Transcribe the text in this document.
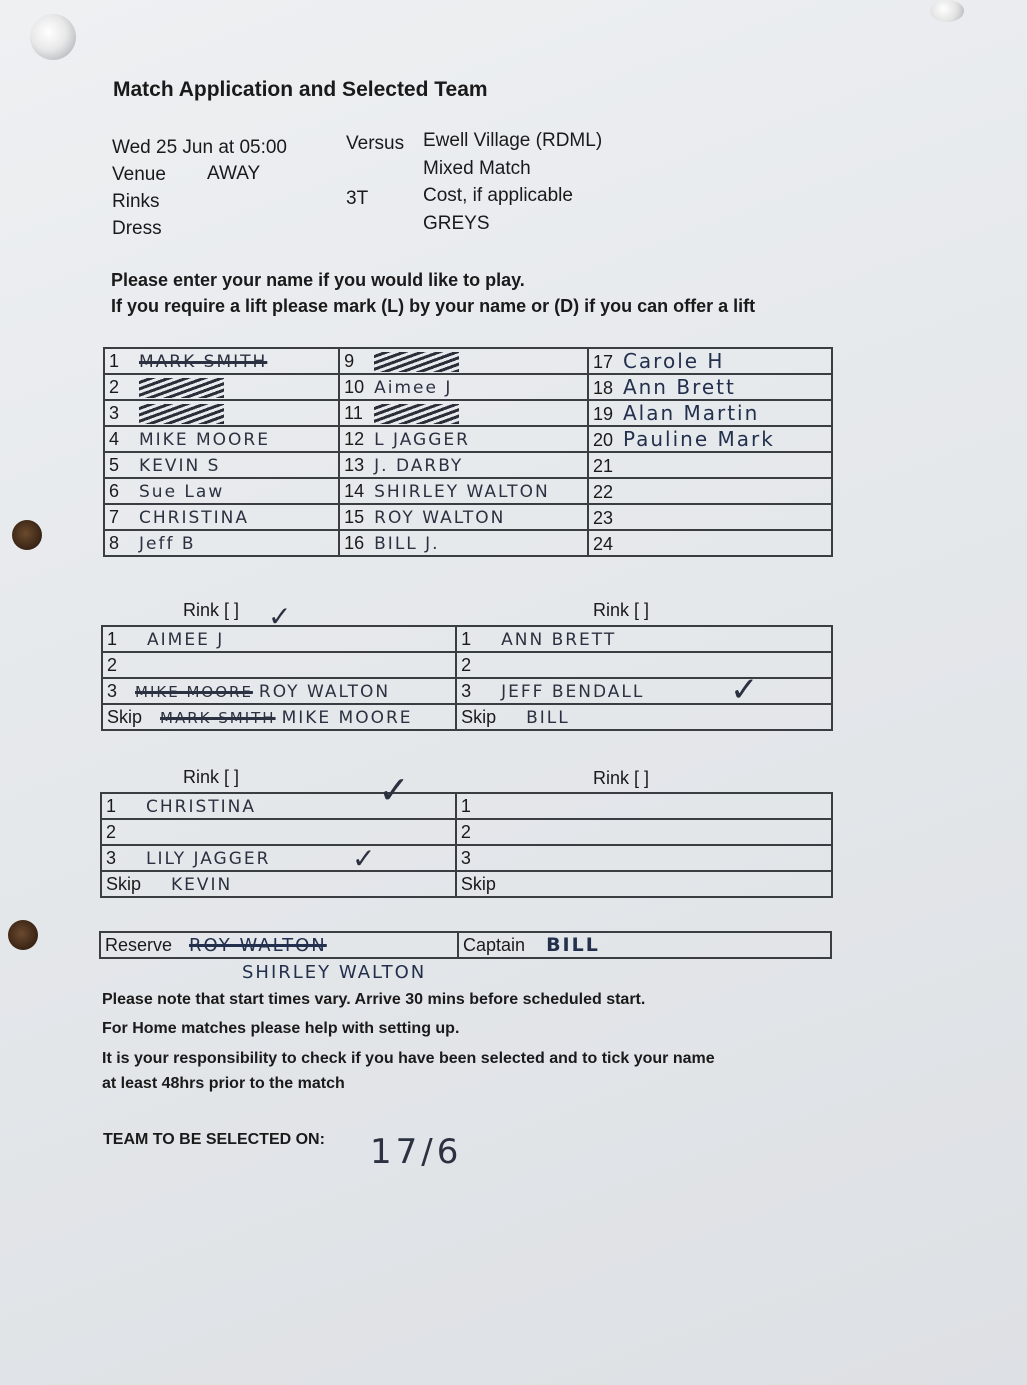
Match Application and Selected Team
Wed 25 Jun at 05:00	Versus Ewell Village (RDML)
Venue AWAY	Mixed Match
Rinks	3T	Cost, if applicable
Dress	GREYS
Please enter your name if you would like to play.
If you require a lift please mark (L) by your name or (D) if you can offer a lift
1 MARK SMITH	9	17 Carole H
2	10 Aimee J	18 Ann Brett
3	11	19 Alan Martin
4 MIKE MOORE	12 L JAGGER	20 Pauline Mark
5 KEVIN S	13 J. DARBY	21
6 Sue Law	14 SHIRLEY WALTON	22
7 CHRISTINA	15 ROY WALTON	23
8 Jeff B	16 BILL J.	24
Rink [ ]	Rink [ ]
1 AIMEE J	1 ANN BRETT
2	2
3 MIKE MOORE ROY WALTON	3 JEFF BENDALL
Skip MARK SMITH MIKE MOORE	Skip BILL
✓
✓
Rink [ ]	Rink [ ]
1 CHRISTINA	1
2	2
3 LILY JAGGER	3
Skip KEVIN	Skip
✓
✓
Reserve ROY WALTON	Captain BILL
SHIRLEY WALTON
Please note that start times vary. Arrive 30 mins before scheduled start.
For Home matches please help with setting up.
It is your responsibility to check if you have been selected and to tick your name
at least 48hrs prior to the match
TEAM TO BE SELECTED ON: 17/6
